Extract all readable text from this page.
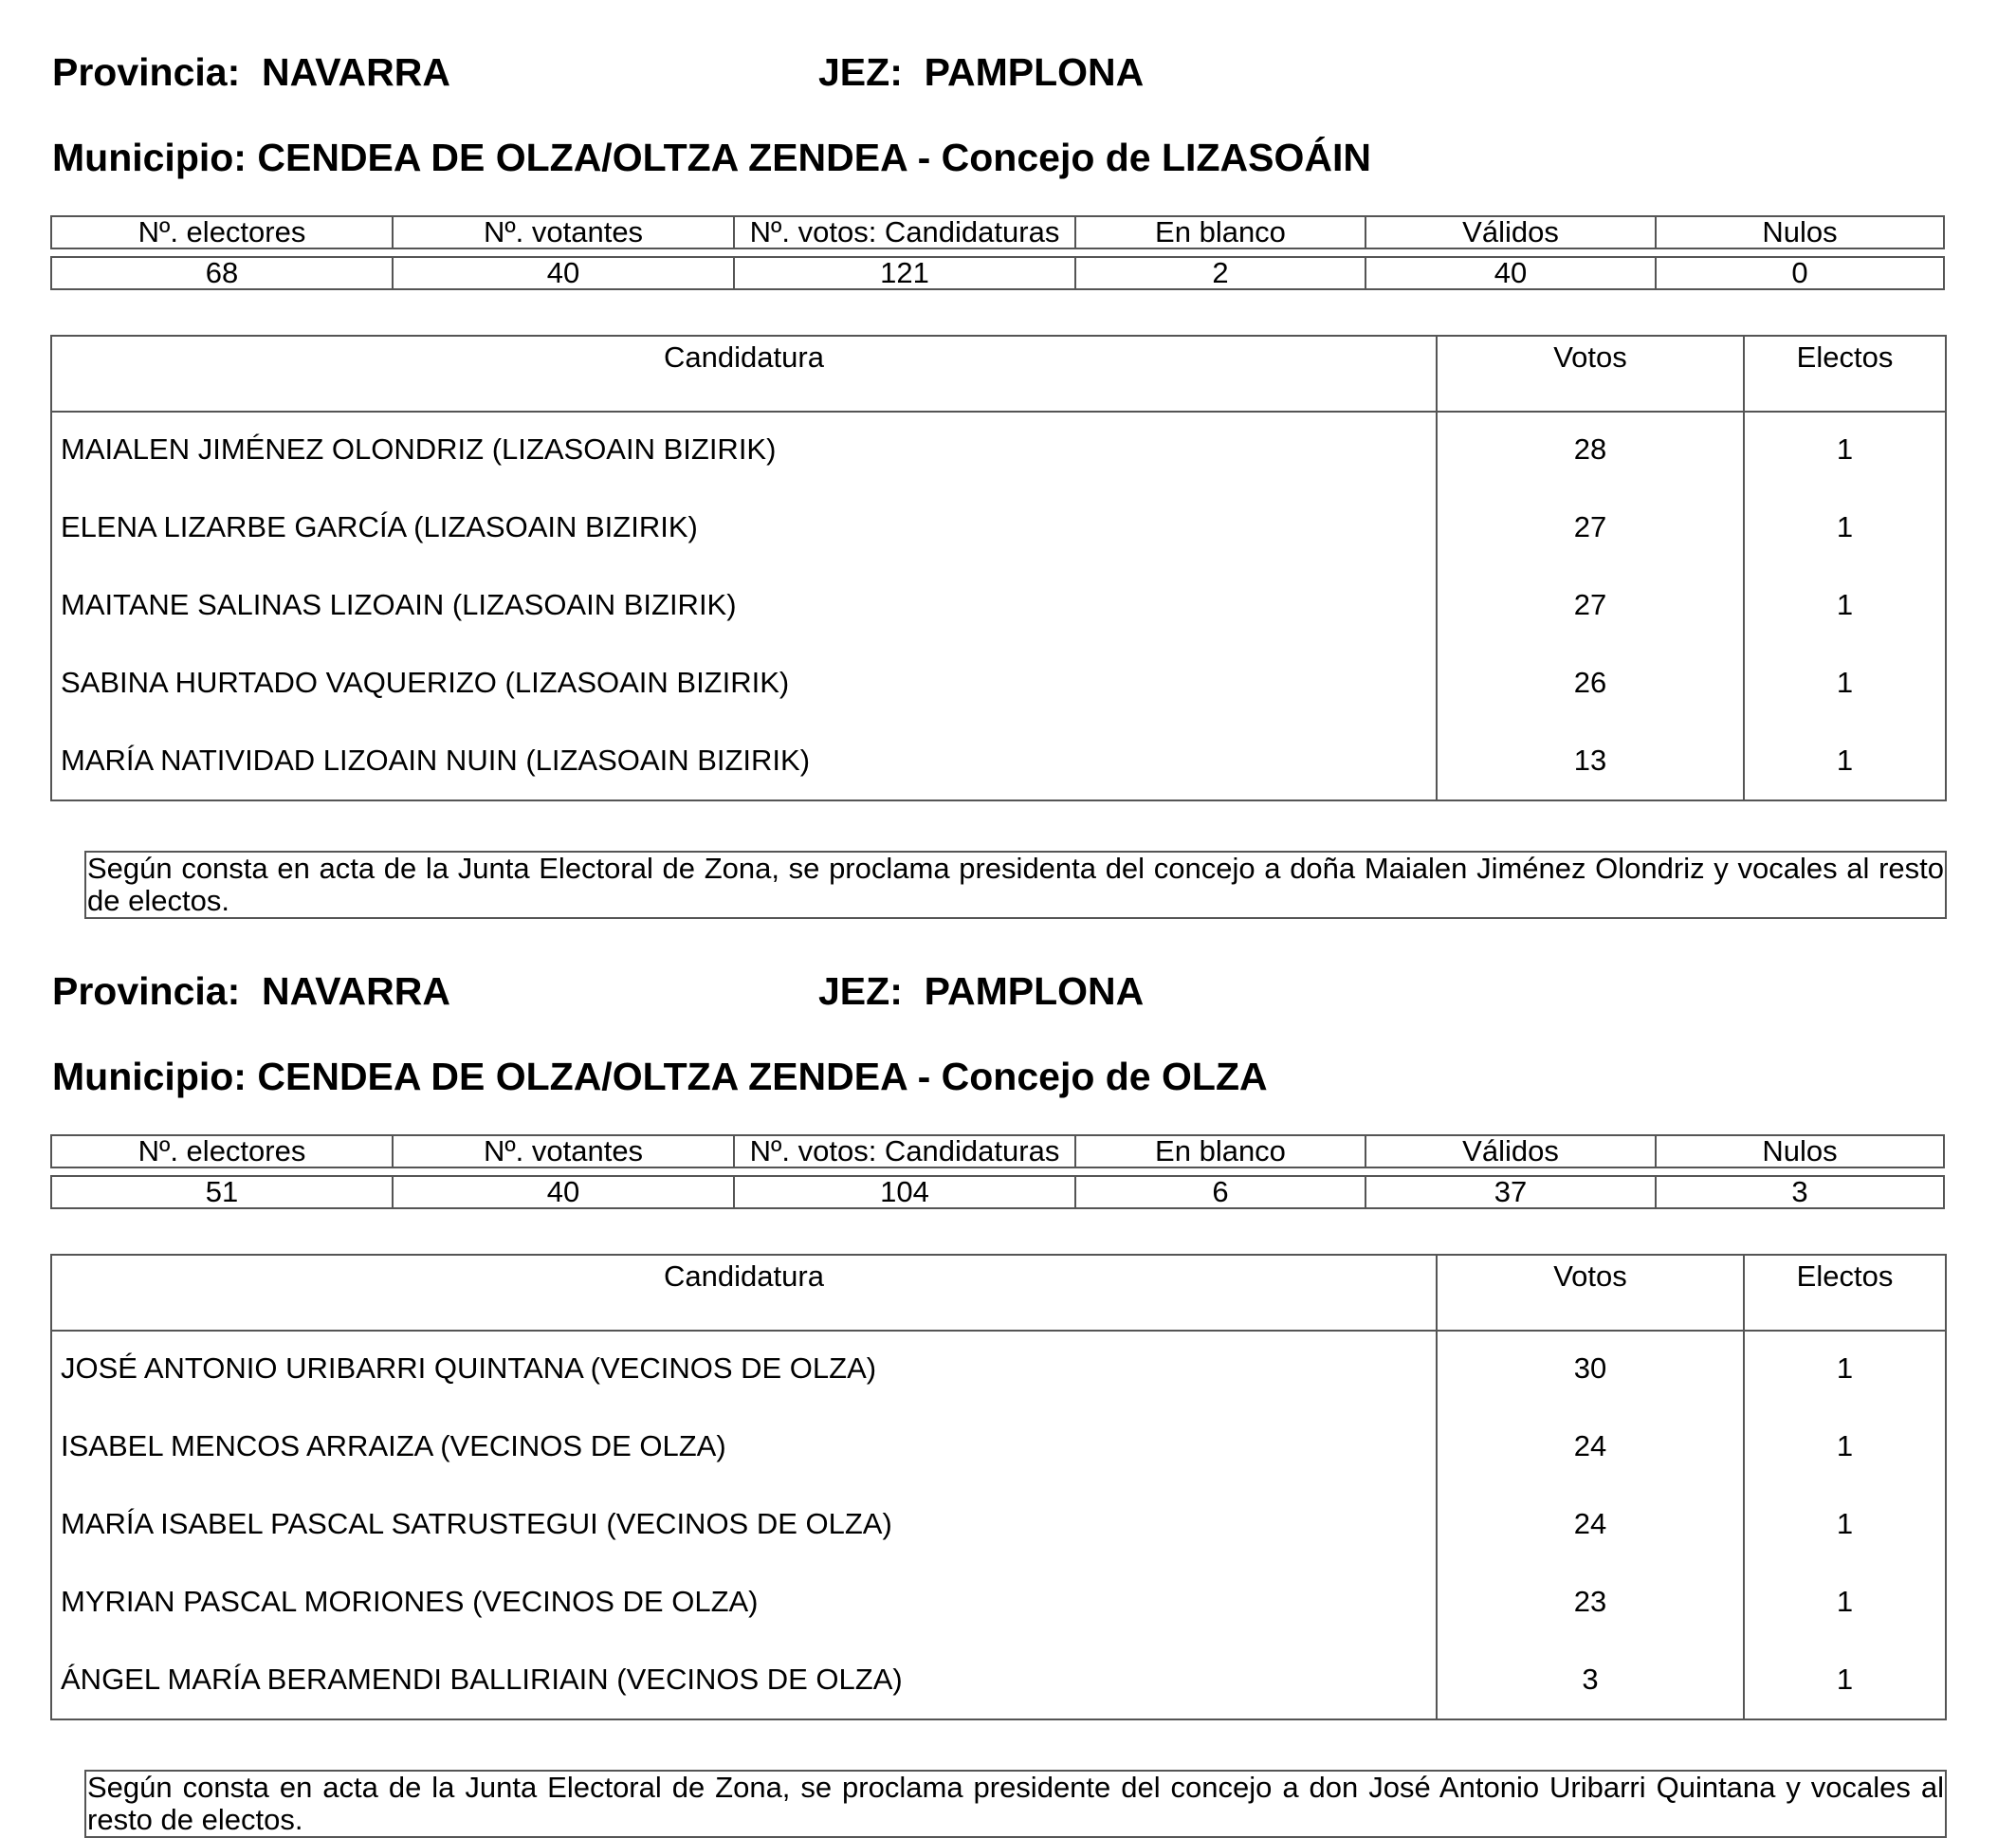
Provincia: NAVARRA	JEZ: PAMPLONA
Municipio: CENDEA DE OLZA/OLTZA ZENDEA - Concejo de LIZASOÁIN
Nº. electores	Nº. votantes	Nº. votos: Candidaturas	En blanco	Válidos	Nulos
68	40	121	2	40	0
Candidatura	Votos	Electos
MAIALEN JIMÉNEZ OLONDRIZ (LIZASOAIN BIZIRIK)	28	1
ELENA LIZARBE GARCÍA (LIZASOAIN BIZIRIK)	27	1
MAITANE SALINAS LIZOAIN (LIZASOAIN BIZIRIK)	27	1
SABINA HURTADO VAQUERIZO (LIZASOAIN BIZIRIK)	26	1
MARÍA NATIVIDAD LIZOAIN NUIN (LIZASOAIN BIZIRIK)	13	1
Según consta en acta de la Junta Electoral de Zona, se proclama presidenta del concejo a doña Maialen Jiménez Olondriz y vocales al resto de electos.
Provincia: NAVARRA	JEZ: PAMPLONA
Municipio: CENDEA DE OLZA/OLTZA ZENDEA - Concejo de OLZA
Nº. electores	Nº. votantes	Nº. votos: Candidaturas	En blanco	Válidos	Nulos
51	40	104	6	37	3
Candidatura	Votos	Electos
JOSÉ ANTONIO URIBARRI QUINTANA (VECINOS DE OLZA)	30	1
ISABEL MENCOS ARRAIZA (VECINOS DE OLZA)	24	1
MARÍA ISABEL PASCAL SATRUSTEGUI (VECINOS DE OLZA)	24	1
MYRIAN PASCAL MORIONES (VECINOS DE OLZA)	23	1
ÁNGEL MARÍA BERAMENDI BALLIRIAIN (VECINOS DE OLZA)	3	1
Según consta en acta de la Junta Electoral de Zona, se proclama presidente del concejo a don José Antonio Uribarri Quintana y vocales al resto de electos.
